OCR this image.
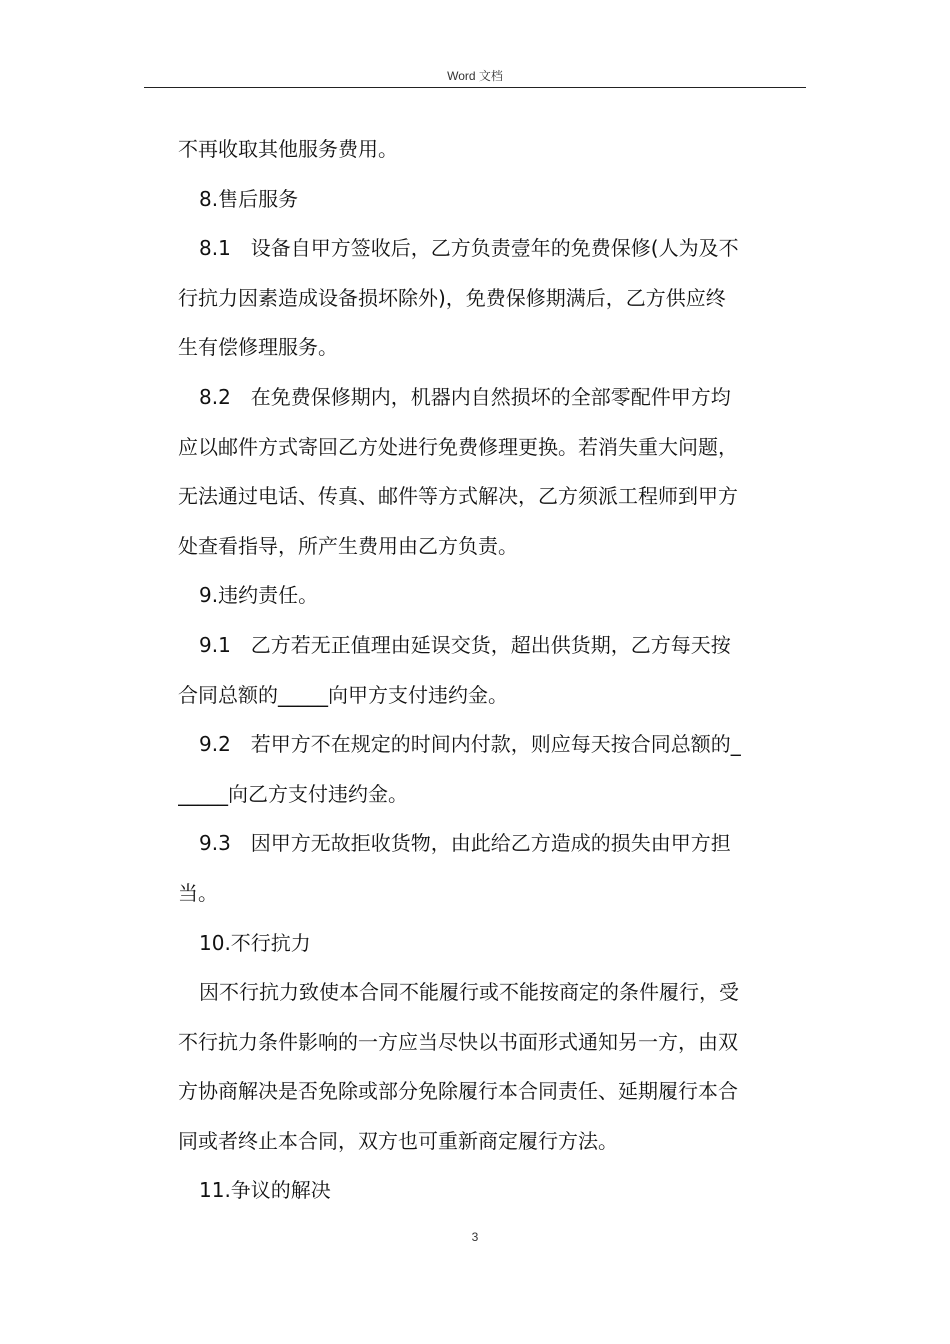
Word 文档
不再收取其他服务费用。
8.售后服务
8.1　设备自甲方签收后，乙方负责壹年的免费保修(人为及不
行抗力因素造成设备损坏除外)，免费保修期满后，乙方供应终
生有偿修理服务。
8.2　在免费保修期内，机器内自然损坏的全部零配件甲方均
应以邮件方式寄回乙方处进行免费修理更换。若消失重大问题，
无法通过电话、传真、邮件等方式解决，乙方须派工程师到甲方
处查看指导，所产生费用由乙方负责。
9.违约责任。
9.1　乙方若无正值理由延误交货，超出供货期，乙方每天按
合同总额的_____向甲方支付违约金。
9.2　若甲方不在规定的时间内付款，则应每天按合同总额的_
_____向乙方支付违约金。
9.3　因甲方无故拒收货物，由此给乙方造成的损失由甲方担
当。
10.不行抗力
因不行抗力致使本合同不能履行或不能按商定的条件履行，受
不行抗力条件影响的一方应当尽快以书面形式通知另一方，由双
方协商解决是否免除或部分免除履行本合同责任、延期履行本合
同或者终止本合同，双方也可重新商定履行方法。
11.争议的解决
3
